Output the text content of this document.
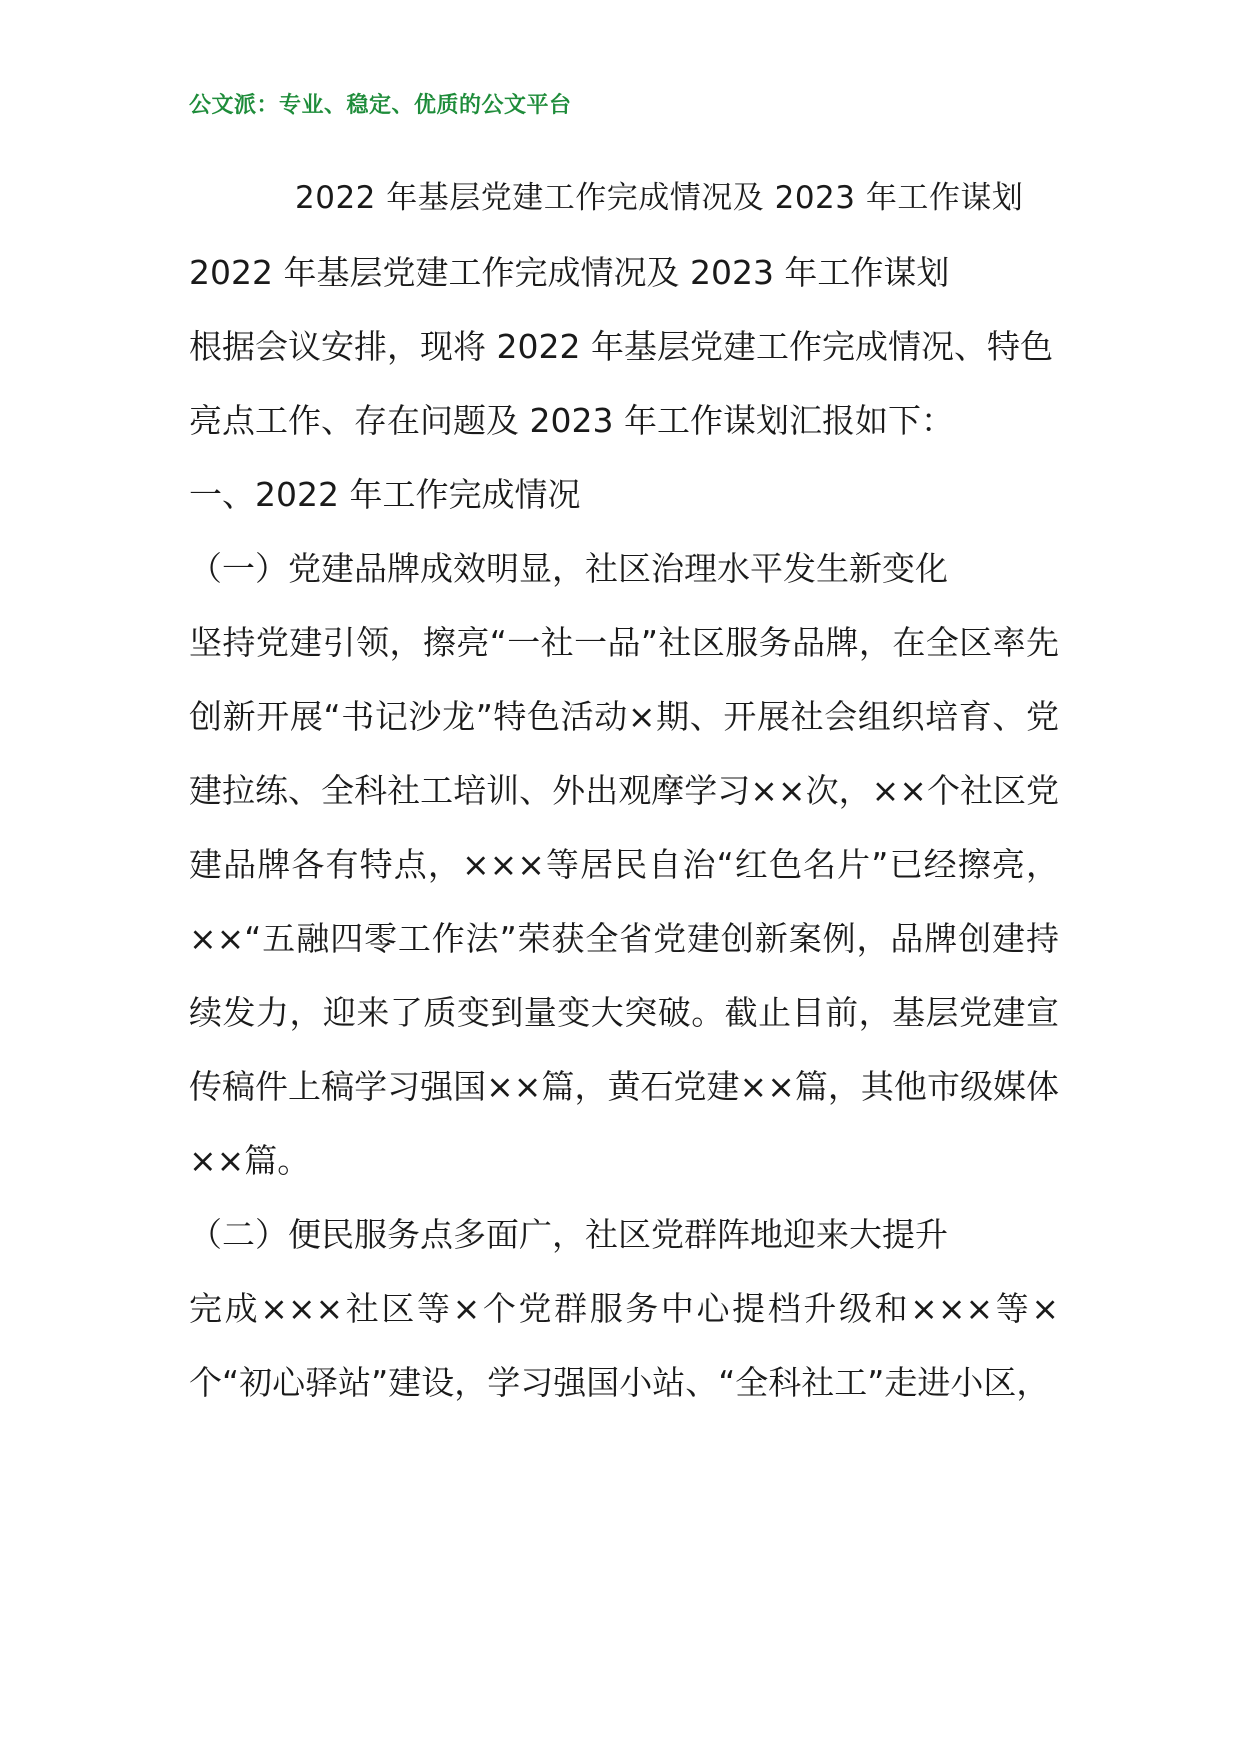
公文派：专业、稳定、优质的公文平台
2022 年基层党建工作完成情况及 2023 年工作谋划

2022 年基层党建工作完成情况及 2023 年工作谋划

根据会议安排，现将 2022 年基层党建工作完成情况、特色亮点工作、存在问题及 2023 年工作谋划汇报如下：

一、2022 年工作完成情况

（一）党建品牌成效明显，社区治理水平发生新变化

坚持党建引领，擦亮“一社一品”社区服务品牌，在全区率先创新开展“书记沙龙”特色活动×期、开展社会组织培育、党建拉练、全科社工培训、外出观摩学习××次，××个社区党建品牌各有特点，×××等居民自治“红色名片”已经擦亮，××“五融四零工作法”荣获全省党建创新案例，品牌创建持续发力，迎来了质变到量变大突破。截止目前，基层党建宣传稿件上稿学习强国××篇，黄石党建××篇，其他市级媒体××篇。

（二）便民服务点多面广，社区党群阵地迎来大提升

完成×××社区等×个党群服务中心提档升级和×××等×个“初心驿站”建设，学习强国小站、“全科社工”走进小区，
